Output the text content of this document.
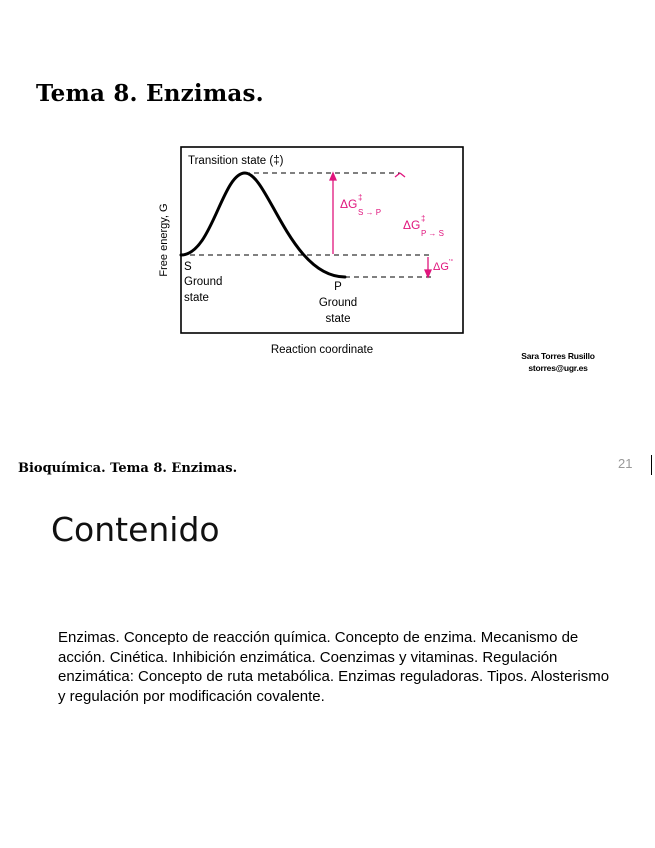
Tema 8. Enzimas.
Transition state (‡)
Free energy, G S
Ground
state
P
Ground
state
ΔG ‡
S → P
ΔG ‡
P → S
ΔG '°
Reaction coordinate	Sara Torres Rusillo
storres@ugr.es
Bioquímica. Tema 8. Enzimas.	21
Contenido
Enzimas. Concepto de reacción química. Concepto de enzima. Mecanismo de acción. Cinética. Inhibición enzimática. Coenzimas y vitaminas. Regulación enzimática: Concepto de ruta metabólica. Enzimas reguladoras. Tipos. Alosterismo y regulación por modificación covalente.
